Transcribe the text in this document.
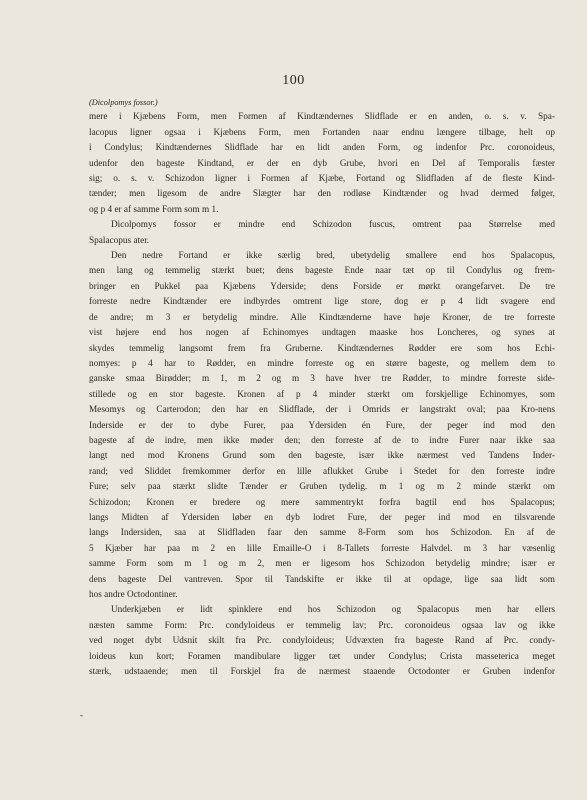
100
-
(Dicolpomys fossor.)
mere i Kjæbens Form, men Formen af Kindtændernes Slidflade er en anden, o. s. v. Spa-
lacopus ligner ogsaa i Kjæbens Form, men Fortanden naar endnu længere tilbage, helt op
i Condylus; Kindtændernes Slidflade har en lidt anden Form, og indenfor Prc. coronoideus,
udenfor den bageste Kindtand, er der en dyb Grube, hvori en Del af Temporalis fæster
sig; o. s. v. Schizodon ligner i Formen af Kjæbe, Fortand og Slidfladen af de fleste Kind-
tænder; men ligesom de andre Slægter har den rodløse Kindtænder og hvad dermed følger,
og p 4 er af samme Form som m 1.
Dicolpomys fossor er mindre end Schizodon fuscus, omtrent paa Størrelse med
Spalacopus ater.
Den nedre Fortand er ikke særlig bred, ubetydelig smallere end hos Spalacopus,
men lang og temmelig stærkt buet; dens bageste Ende naar tæt op til Condylus og frem-
bringer en Pukkel paa Kjæbens Yderside; dens Forside er mørkt orangefarvet. De tre
forreste nedre Kindtænder ere indbyrdes omtrent lige store, dog er p 4 lidt svagere end
de andre; m 3 er betydelig mindre. Alle Kindtænderne have høje Kroner, de tre forreste
vist højere end hos nogen af Echinomyes undtagen maaske hos Loncheres, og synes at
skydes temmelig langsomt frem fra Gruberne. Kindtændernes Rødder ere som hos Echi-
nomyes: p 4 har to Rødder, en mindre forreste og en større bageste, og mellem dem to
ganske smaa Birødder; m 1, m 2 og m 3 have hver tre Rødder, to mindre forreste side-
stillede og en stor bageste. Kronen af p 4 minder stærkt om forskjellige Echinomyes, som
Mesomys og Carterodon; den har en Slidflade, der i Omrids er langstrakt oval; paa Kro-nens
Inderside er der to dybe Furer, paa Ydersiden én Fure, der peger ind mod den
bageste af de indre, men ikke møder den; den forreste af de to indre Furer naar ikke saa
langt ned mod Kronens Grund som den bageste, især ikke nærmest ved Tandens Inder-
rand; ved Sliddet fremkommer derfor en lille aflukket Grube i Stedet for den forreste indre
Fure; selv paa stærkt slidte Tænder er Gruben tydelig. m 1 og m 2 minde stærkt om
Schizodon; Kronen er bredere og mere sammentrykt forfra bagtil end hos Spalacopus;
langs Midten af Ydersiden løber en dyb lodret Fure, der peger ind mod en tilsvarende
langs Indersiden, saa at Slidfladen faar den samme 8-Form som hos Schizodon. En af de
5 Kjæber har paa m 2 en lille Emaille-O i 8-Tallets forreste Halvdel. m 3 har væsenlig
samme Form som m 1 og m 2, men er ligesom hos Schizodon betydelig mindre; især er
dens bageste Del vantreven. Spor til Tandskifte er ikke til at opdage, lige saa lidt som
hos andre Octodontiner.
Underkjæben er lidt spinklere end hos Schizodon og Spalacopus men har ellers
næsten samme Form: Prc. condyloideus er temmelig lav; Prc. coronoideus ogsaa lav og ikke
ved noget dybt Udsnit skilt fra Prc. condyloideus; Udvæxten fra bageste Rand af Prc. condy-
loideus kun kort; Foramen mandibulare ligger tæt under Condylus; Crista masseterica meget
stærk, udstaaende; men til Forskjel fra de nærmest staaende Octodonter er Gruben indenfor
